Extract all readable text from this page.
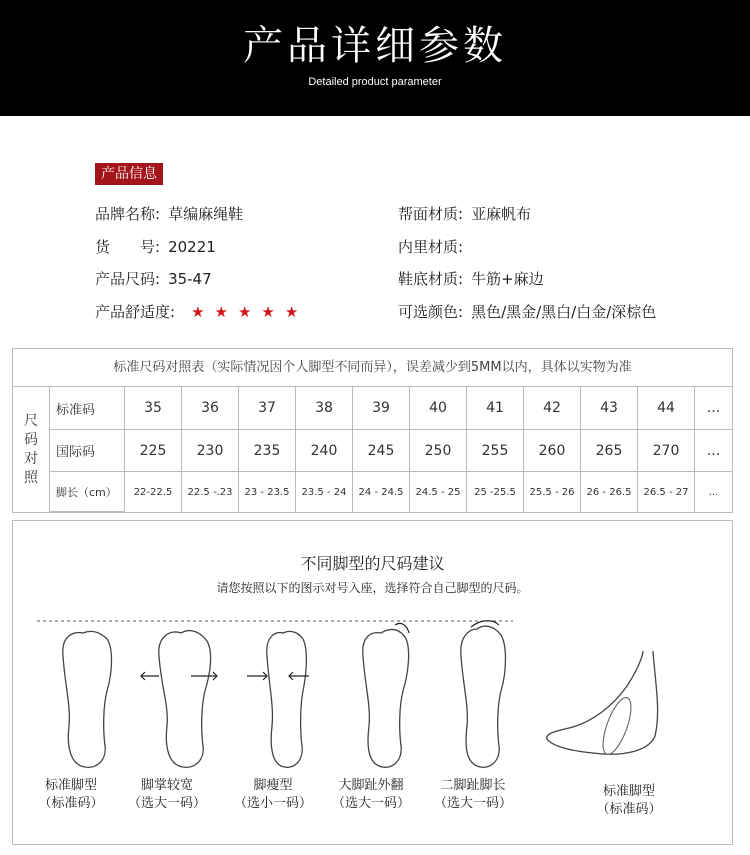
产品详细参数
Detailed product parameter
产品信息
品牌名称: 草编麻绳鞋
货　　号: 20221
产品尺码: 35-47
产品舒适度: ★★★★★
帮面材质: 亚麻帆布
内里材质:
鞋底材质: 牛筋+麻边
可选颜色: 黑色/黑金/黑白/白金/深棕色
标准尺码对照表（实际情况因个人脚型不同而异），误差减少到5MM以内，具体以实物为准
尺
码
对
照
标准码	35	36	37	38	39	40	41	42	43	44	...
国际码	225	230	235	240	245	250	255	260	265	270	...
脚长（cm）	22-22.5	22.5 -.23	23 - 23.5	23.5 - 24	24 - 24.5	24.5 - 25	25 -25.5	25.5 - 26	26 - 26.5	26.5 - 27	...
不同脚型的尺码建议
请您按照以下的图示对号入座，选择符合自己脚型的尺码。
标准脚型
（标准码）
脚掌较宽
（选大一码）
脚瘦型
（选小一码）
大脚趾外翻
（选大一码）
二脚趾脚长
（选大一码）
标准脚型
（标准码）
